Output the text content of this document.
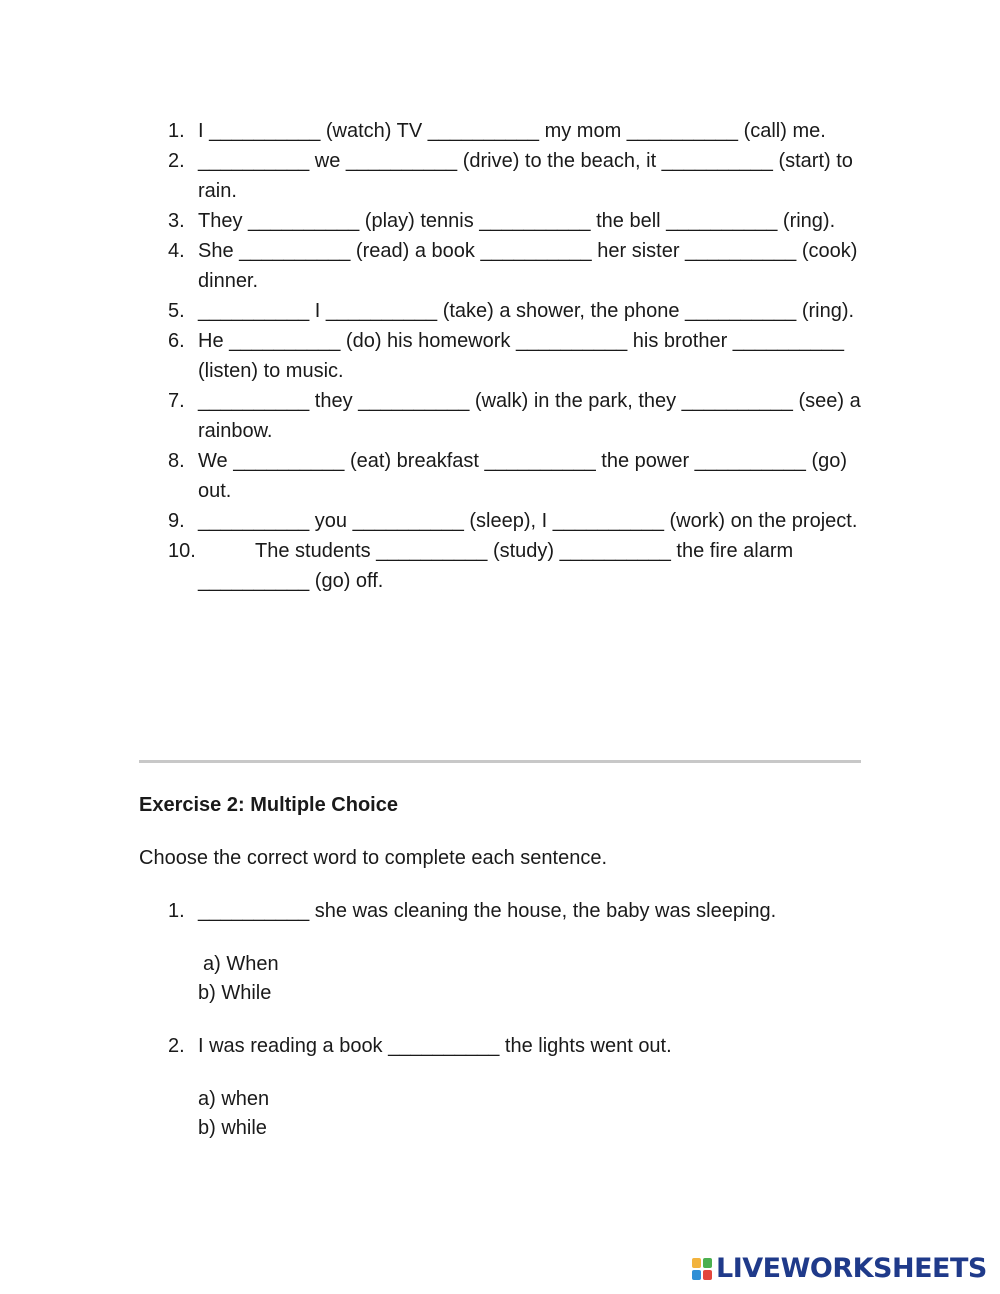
1. I __________ (watch) TV __________ my mom __________ (call) me.
2. __________ we __________ (drive) to the beach, it __________ (start) to rain.
3. They __________ (play) tennis __________ the bell __________ (ring).
4. She __________ (read) a book __________ her sister __________ (cook) dinner.
5. __________ I __________ (take) a shower, the phone __________ (ring).
6. He __________ (do) his homework __________ his brother __________ (listen) to music.
7. __________ they __________ (walk) in the park, they __________ (see) a rainbow.
8. We __________ (eat) breakfast __________ the power __________ (go) out.
9. __________ you __________ (sleep), I __________ (work) on the project.
10.	The students __________ (study) __________ the fire alarm __________ (go) off.
Exercise 2: Multiple Choice
Choose the correct word to complete each sentence.
1. __________ she was cleaning the house, the baby was sleeping.
a) When
b) While
2. I was reading a book __________ the lights went out.
a) when
b) while
LIVEWORKSHEETS
